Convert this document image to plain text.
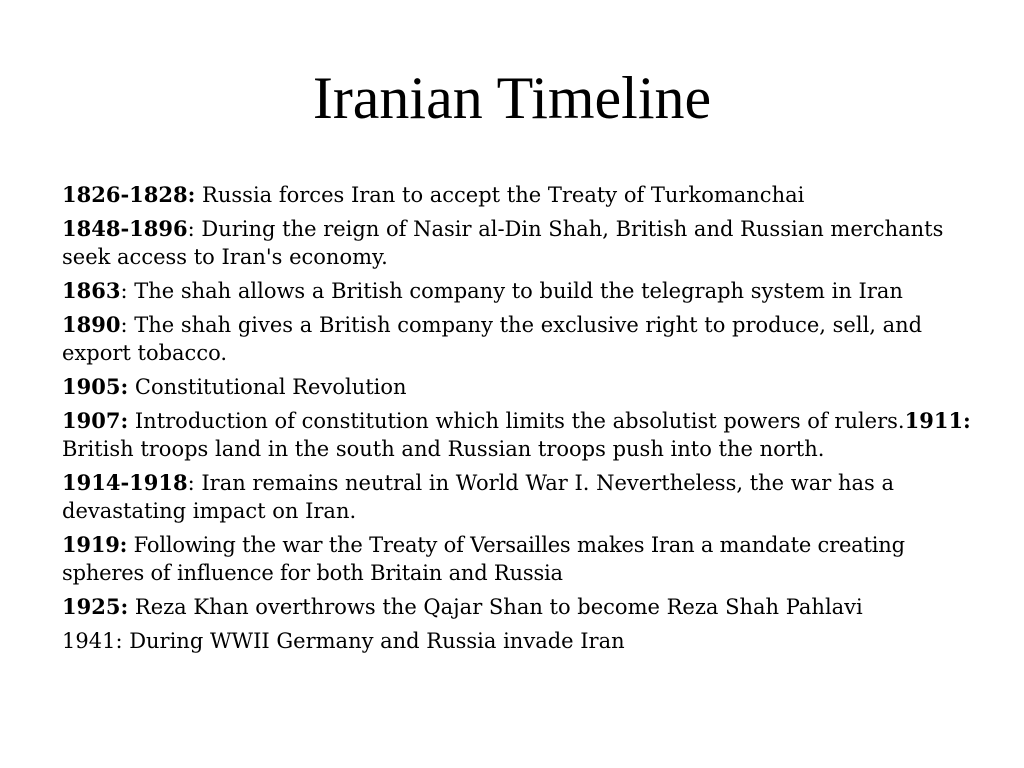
Iranian Timeline

1826-1828: Russia forces Iran to accept the Treaty of Turkomanchai

1848-1896: During the reign of Nasir al-Din Shah, British and Russian merchants seek access to Iran's economy.

1863: The shah allows a British company to build the telegraph system in Iran

1890: The shah gives a British company the exclusive right to produce, sell, and export tobacco.

1905: Constitutional Revolution

1907: Introduction of constitution which limits the absolutist powers of rulers.1911: British troops land in the south and Russian troops push into the north.

1914-1918: Iran remains neutral in World War I. Nevertheless, the war has a devastating impact on Iran.

1919: Following the war the Treaty of Versailles makes Iran a mandate creating spheres of influence for both Britain and Russia

1925: Reza Khan overthrows the Qajar Shan to become Reza Shah Pahlavi

1941: During WWII Germany and Russia invade Iran
